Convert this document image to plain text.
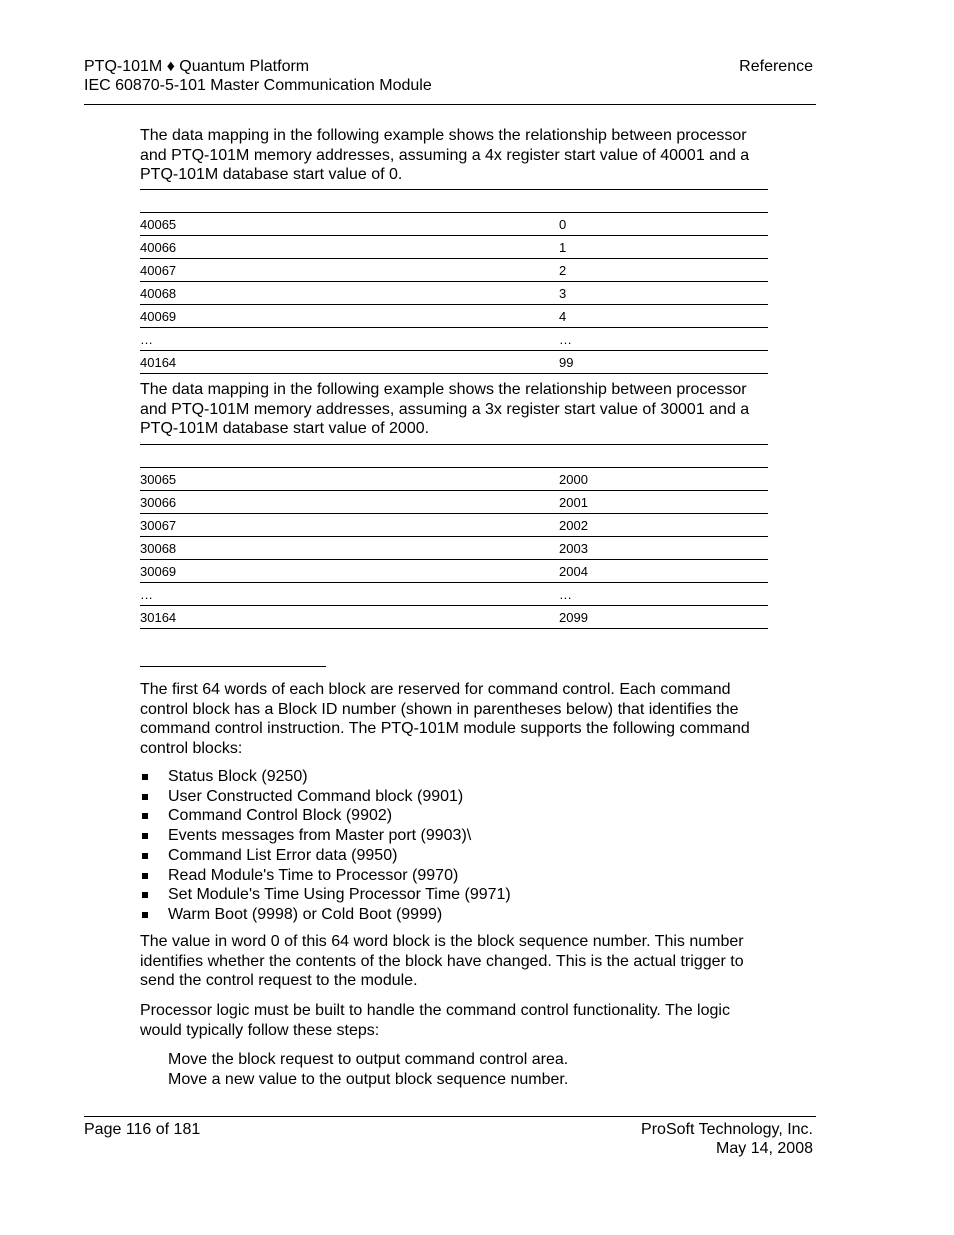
PTQ-101M ♦ Quantum Platform
IEC 60870-5-101 Master Communication Module
Reference
The data mapping in the following example shows the relationship between processor and PTQ-101M memory addresses, assuming a 4x register start value of 40001 and a PTQ-101M database start value of 0.
40065	0
40066	1
40067	2
40068	3
40069	4
…	…
40164	99
The data mapping in the following example shows the relationship between processor and PTQ-101M memory addresses, assuming a 3x register start value of 30001 and a PTQ-101M database start value of 2000.
30065	2000
30066	2001
30067	2002
30068	2003
30069	2004
…	…
30164	2099
The first 64 words of each block are reserved for command control. Each command control block has a Block ID number (shown in parentheses below) that identifies the command control instruction. The PTQ-101M module supports the following command control blocks:
Status Block (9250)
User Constructed Command block (9901)
Command Control Block (9902)
Events messages from Master port (9903)\
Command List Error data (9950)
Read Module's Time to Processor (9970)
Set Module's Time Using Processor Time (9971)
Warm Boot (9998) or Cold Boot (9999)
The value in word 0 of this 64 word block is the block sequence number. This number identifies whether the contents of the block have changed. This is the actual trigger to send the control request to the module.
Processor logic must be built to handle the command control functionality. The logic would typically follow these steps:
Move the block request to output command control area.
Move a new value to the output block sequence number.
Page 116 of 181	ProSoft Technology, Inc.
May 14, 2008
